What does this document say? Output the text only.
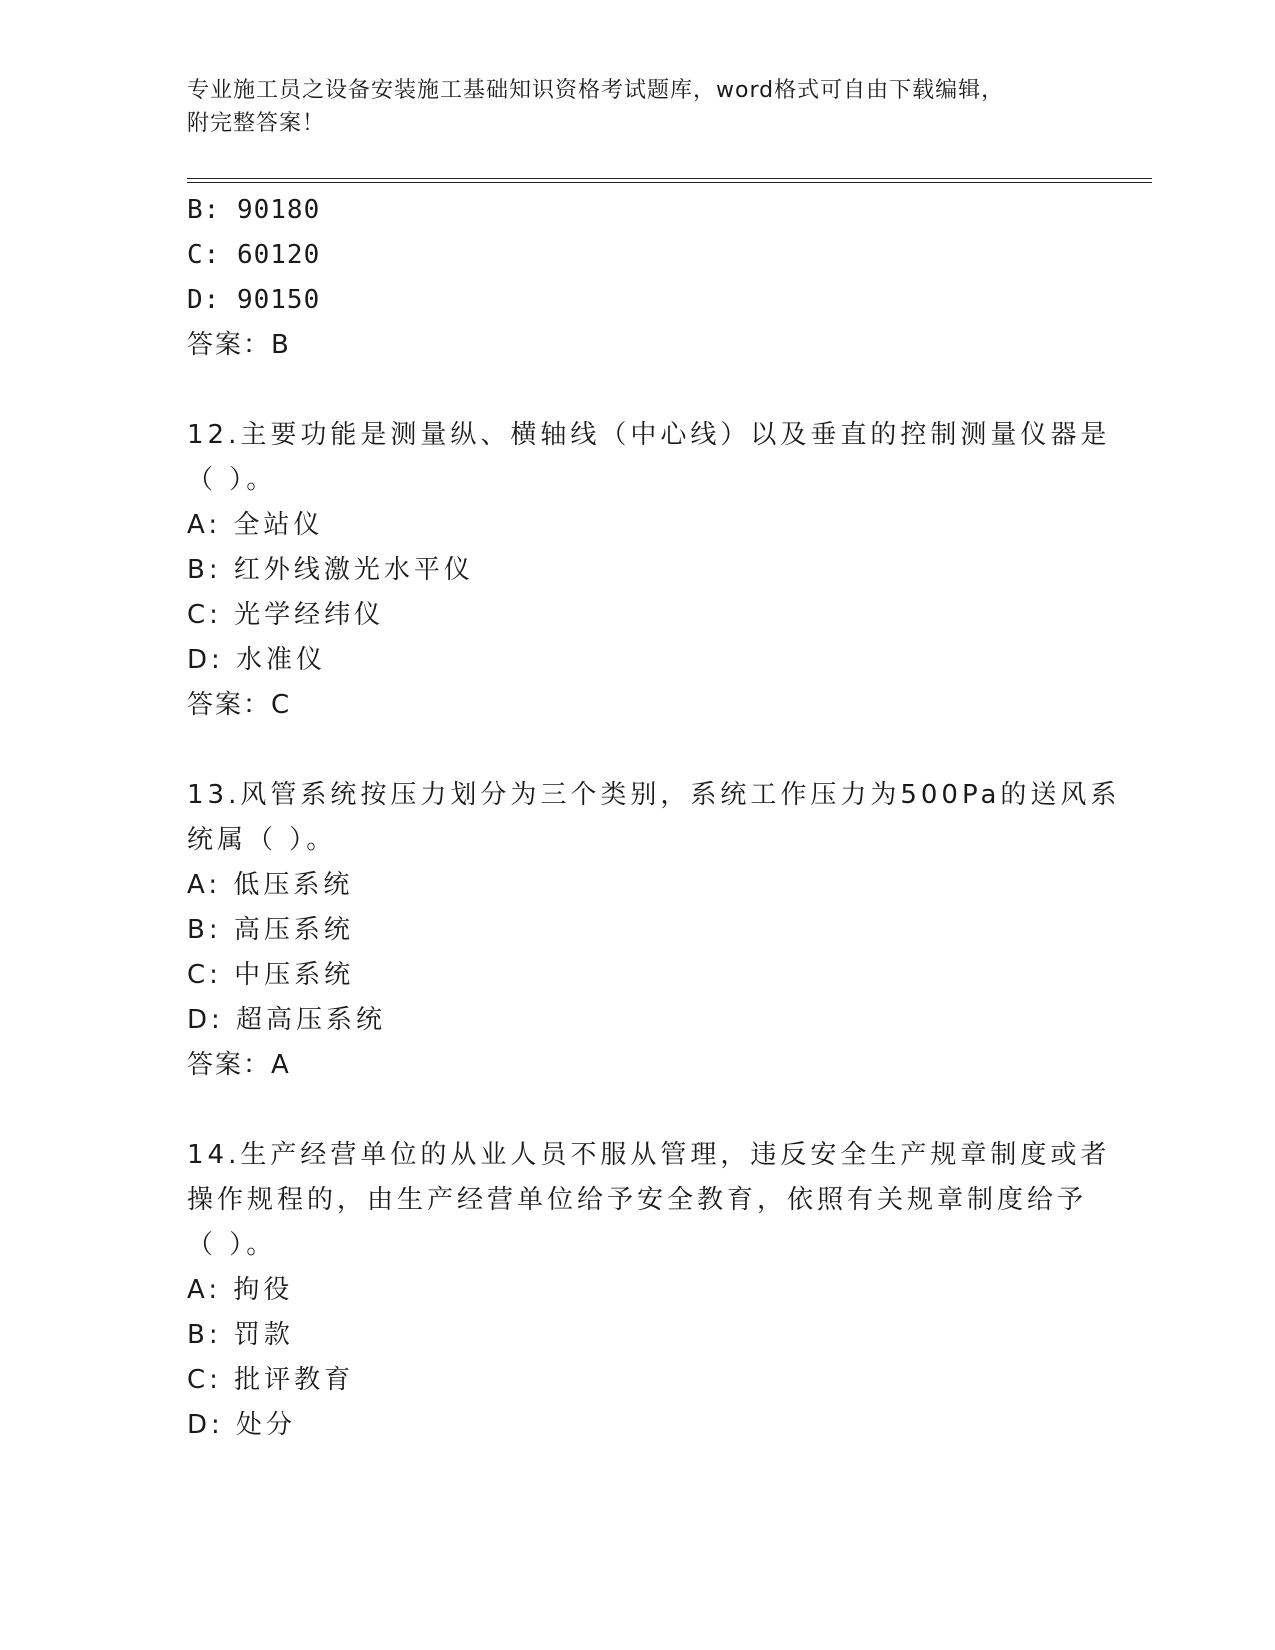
专业施工员之设备安装施工基础知识资格考试题库，word格式可自由下载编辑，
附完整答案！
B: 90180
C: 60120
D: 90150
答案：B
12.主要功能是测量纵、横轴线（中心线）以及垂直的控制测量仪器是
（ ）。
A: 全站仪
B: 红外线激光水平仪
C: 光学经纬仪
D: 水准仪
答案：C
13.风管系统按压力划分为三个类别，系统工作压力为500Pa的送风系
统属（ ）。
A: 低压系统
B: 高压系统
C: 中压系统
D: 超高压系统
答案：A
14.生产经营单位的从业人员不服从管理，违反安全生产规章制度或者
操作规程的，由生产经营单位给予安全教育，依照有关规章制度给予
（ ）。
A: 拘役
B: 罚款
C: 批评教育
D: 处分
